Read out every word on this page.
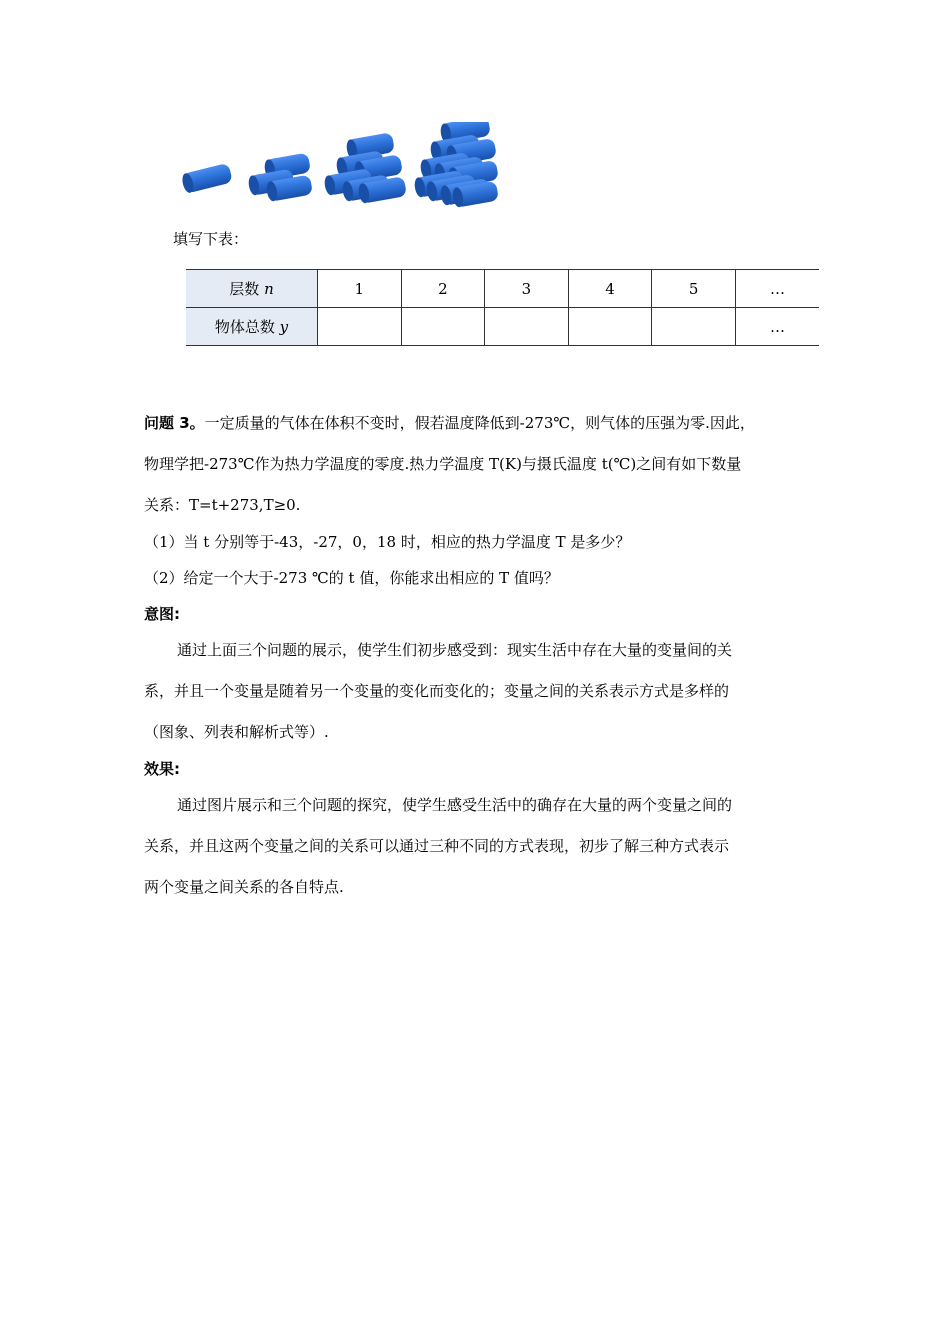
填写下表：
层数 n	1	2	3	4	5	…
物体总数 y						…
问题 3。一定质量的气体在体积不变时，假若温度降低到-273℃，则气体的压强为零.因此，
物理学把-273℃作为热力学温度的零度.热力学温度 T(K)与摄氏温度 t(℃)之间有如下数量
关系：T=t+273,T≥0.
（1）当 t 分别等于-43，-27，0，18 时，相应的热力学温度 T 是多少？
（2）给定一个大于-273 ℃的 t 值，你能求出相应的 T 值吗？
意图:
通过上面三个问题的展示，使学生们初步感受到：现实生活中存在大量的变量间的关
系，并且一个变量是随着另一个变量的变化而变化的；变量之间的关系表示方式是多样的
（图象、列表和解析式等）.
效果:
通过图片展示和三个问题的探究，使学生感受生活中的确存在大量的两个变量之间的
关系，并且这两个变量之间的关系可以通过三种不同的方式表现，初步了解三种方式表示
两个变量之间关系的各自特点.
